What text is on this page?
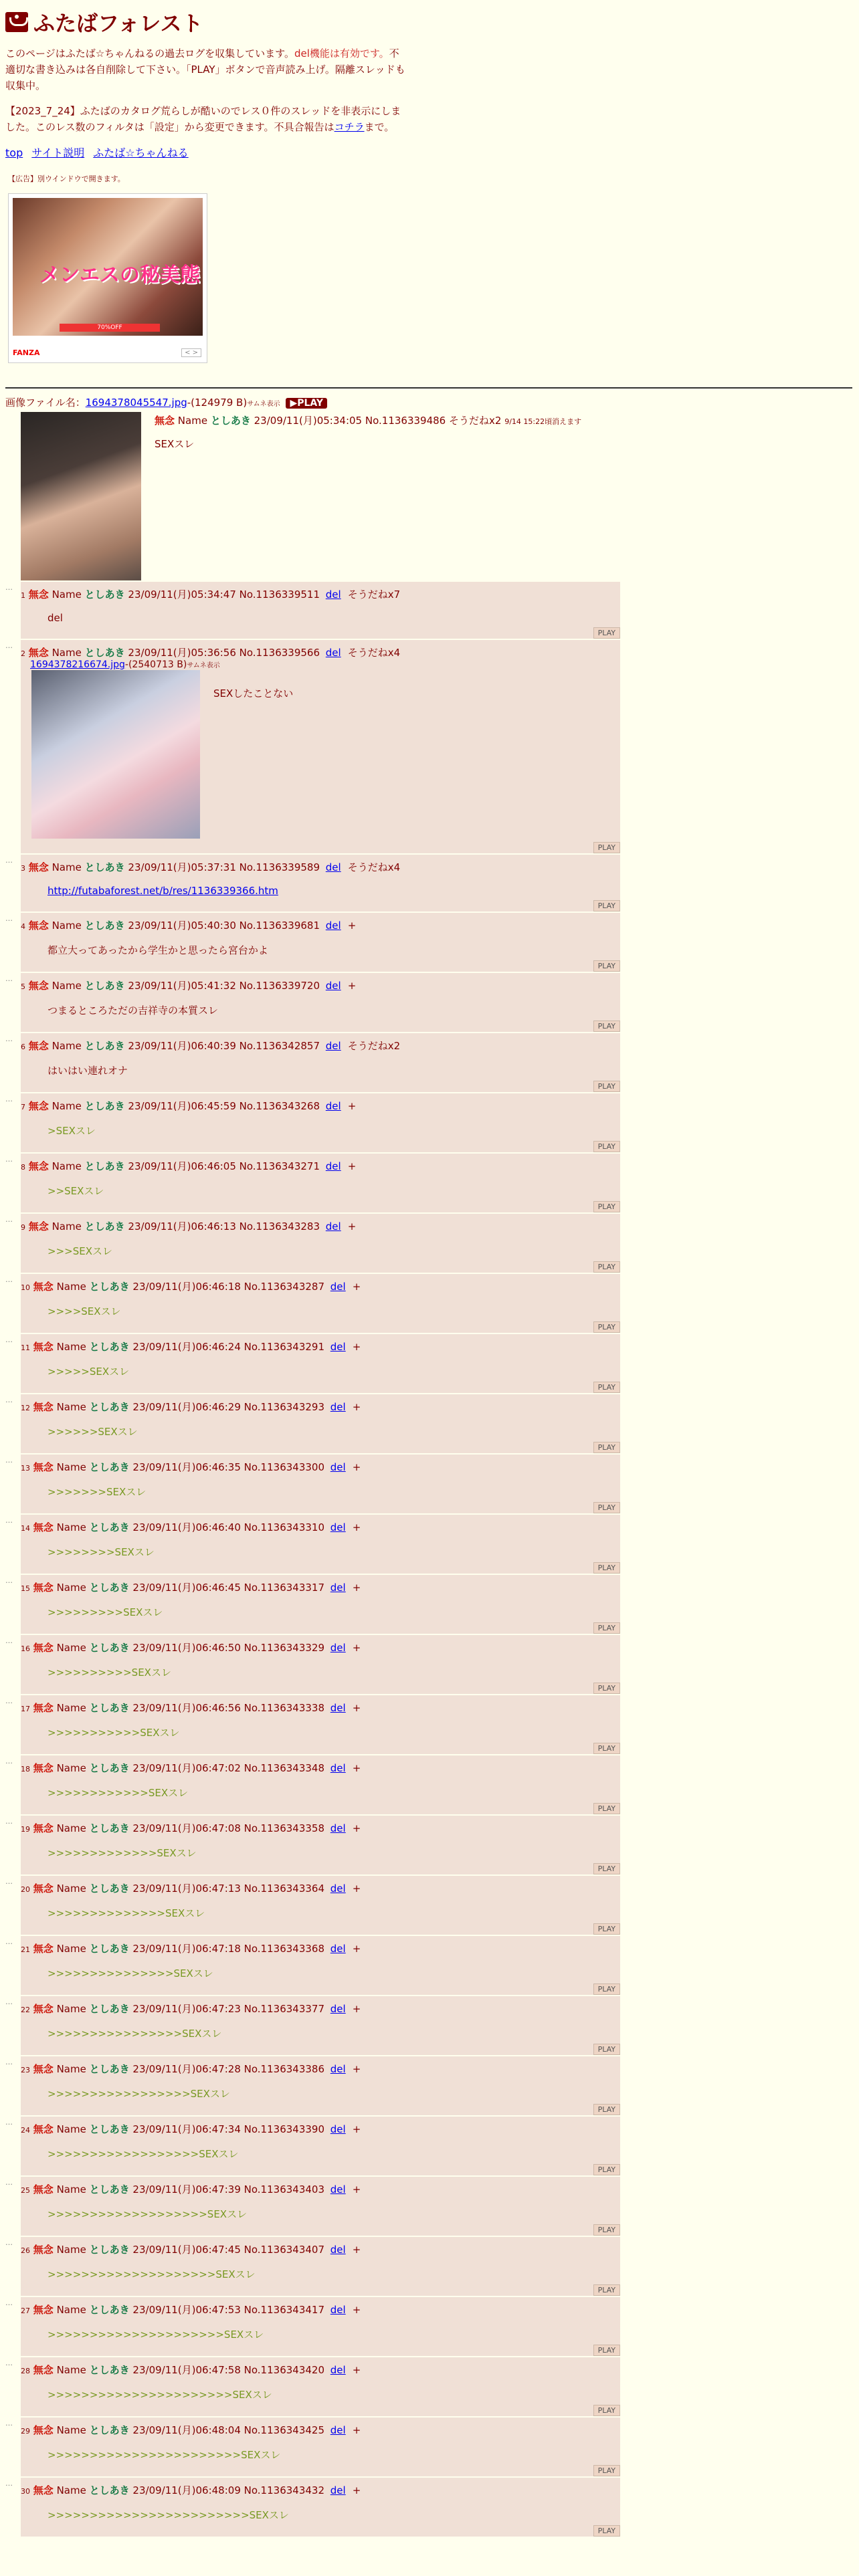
ふたばフォレスト

このページはふたば☆ちゃんねるの過去ログを収集しています。del機能は有効です。不適切な書き込みは各自削除して下さい。「PLAY」ボタンで音声読み上げ。隔離スレッドも収集中。

【2023_7_24】ふたばのカタログ荒らしが酷いのでレス０件のスレッドを非表示にしました。このレス数のフィルタは「設定」から変更できます。不具合報告はコチラまで。

top サイト説明 ふたば☆ちゃんねる
【広告】別ウインドウで開きます。
メンエスの秘美態
70%OFF
FANZA	< >
画像ファイル名：1694378045547.jpg-(124979 B)サムネ表示 ▶PLAY
無念 Name としあき 23/09/11(月)05:34:05 No.1136339486 そうだねx2 9/14 15:22頃消えます
SEXスレ
…
1 無念 Name としあき 23/09/11(月)05:34:47 No.1136339511 del そうだねx7
del
PLAY
…
2 無念 Name としあき 23/09/11(月)05:36:56 No.1136339566 del そうだねx4
1694378216674.jpg-(2540713 B)サムネ表示
SEXしたことない
PLAY
…
3 無念 Name としあき 23/09/11(月)05:37:31 No.1136339589 del そうだねx4
http://futabaforest.net/b/res/1136339366.htm
PLAY
…
4 無念 Name としあき 23/09/11(月)05:40:30 No.1136339681 del +
都立大ってあったから学生かと思ったら宮台かよ
PLAY
…
5 無念 Name としあき 23/09/11(月)05:41:32 No.1136339720 del +
つまるところただの吉祥寺の本質スレ
PLAY
…
6 無念 Name としあき 23/09/11(月)06:40:39 No.1136342857 del そうだねx2
はいはい連れオナ
PLAY
…
7 無念 Name としあき 23/09/11(月)06:45:59 No.1136343268 del +
>SEXスレ
PLAY
…
8 無念 Name としあき 23/09/11(月)06:46:05 No.1136343271 del +
>>SEXスレ
PLAY
…
9 無念 Name としあき 23/09/11(月)06:46:13 No.1136343283 del +
>>>SEXスレ
PLAY
…
10 無念 Name としあき 23/09/11(月)06:46:18 No.1136343287 del +
>>>>SEXスレ
PLAY
…
11 無念 Name としあき 23/09/11(月)06:46:24 No.1136343291 del +
>>>>>SEXスレ
PLAY
…
12 無念 Name としあき 23/09/11(月)06:46:29 No.1136343293 del +
>>>>>>SEXスレ
PLAY
…
13 無念 Name としあき 23/09/11(月)06:46:35 No.1136343300 del +
>>>>>>>SEXスレ
PLAY
…
14 無念 Name としあき 23/09/11(月)06:46:40 No.1136343310 del +
>>>>>>>>SEXスレ
PLAY
…
15 無念 Name としあき 23/09/11(月)06:46:45 No.1136343317 del +
>>>>>>>>>SEXスレ
PLAY
…
16 無念 Name としあき 23/09/11(月)06:46:50 No.1136343329 del +
>>>>>>>>>>SEXスレ
PLAY
…
17 無念 Name としあき 23/09/11(月)06:46:56 No.1136343338 del +
>>>>>>>>>>>SEXスレ
PLAY
…
18 無念 Name としあき 23/09/11(月)06:47:02 No.1136343348 del +
>>>>>>>>>>>>SEXスレ
PLAY
…
19 無念 Name としあき 23/09/11(月)06:47:08 No.1136343358 del +
>>>>>>>>>>>>>SEXスレ
PLAY
…
20 無念 Name としあき 23/09/11(月)06:47:13 No.1136343364 del +
>>>>>>>>>>>>>>SEXスレ
PLAY
…
21 無念 Name としあき 23/09/11(月)06:47:18 No.1136343368 del +
>>>>>>>>>>>>>>>SEXスレ
PLAY
…
22 無念 Name としあき 23/09/11(月)06:47:23 No.1136343377 del +
>>>>>>>>>>>>>>>>SEXスレ
PLAY
…
23 無念 Name としあき 23/09/11(月)06:47:28 No.1136343386 del +
>>>>>>>>>>>>>>>>>SEXスレ
PLAY
…
24 無念 Name としあき 23/09/11(月)06:47:34 No.1136343390 del +
>>>>>>>>>>>>>>>>>>SEXスレ
PLAY
…
25 無念 Name としあき 23/09/11(月)06:47:39 No.1136343403 del +
>>>>>>>>>>>>>>>>>>>SEXスレ
PLAY
…
26 無念 Name としあき 23/09/11(月)06:47:45 No.1136343407 del +
>>>>>>>>>>>>>>>>>>>>SEXスレ
PLAY
…
27 無念 Name としあき 23/09/11(月)06:47:53 No.1136343417 del +
>>>>>>>>>>>>>>>>>>>>>SEXスレ
PLAY
…
28 無念 Name としあき 23/09/11(月)06:47:58 No.1136343420 del +
>>>>>>>>>>>>>>>>>>>>>>SEXスレ
PLAY
…
29 無念 Name としあき 23/09/11(月)06:48:04 No.1136343425 del +
>>>>>>>>>>>>>>>>>>>>>>>SEXスレ
PLAY
…
30 無念 Name としあき 23/09/11(月)06:48:09 No.1136343432 del +
>>>>>>>>>>>>>>>>>>>>>>>>SEXスレ
PLAY
